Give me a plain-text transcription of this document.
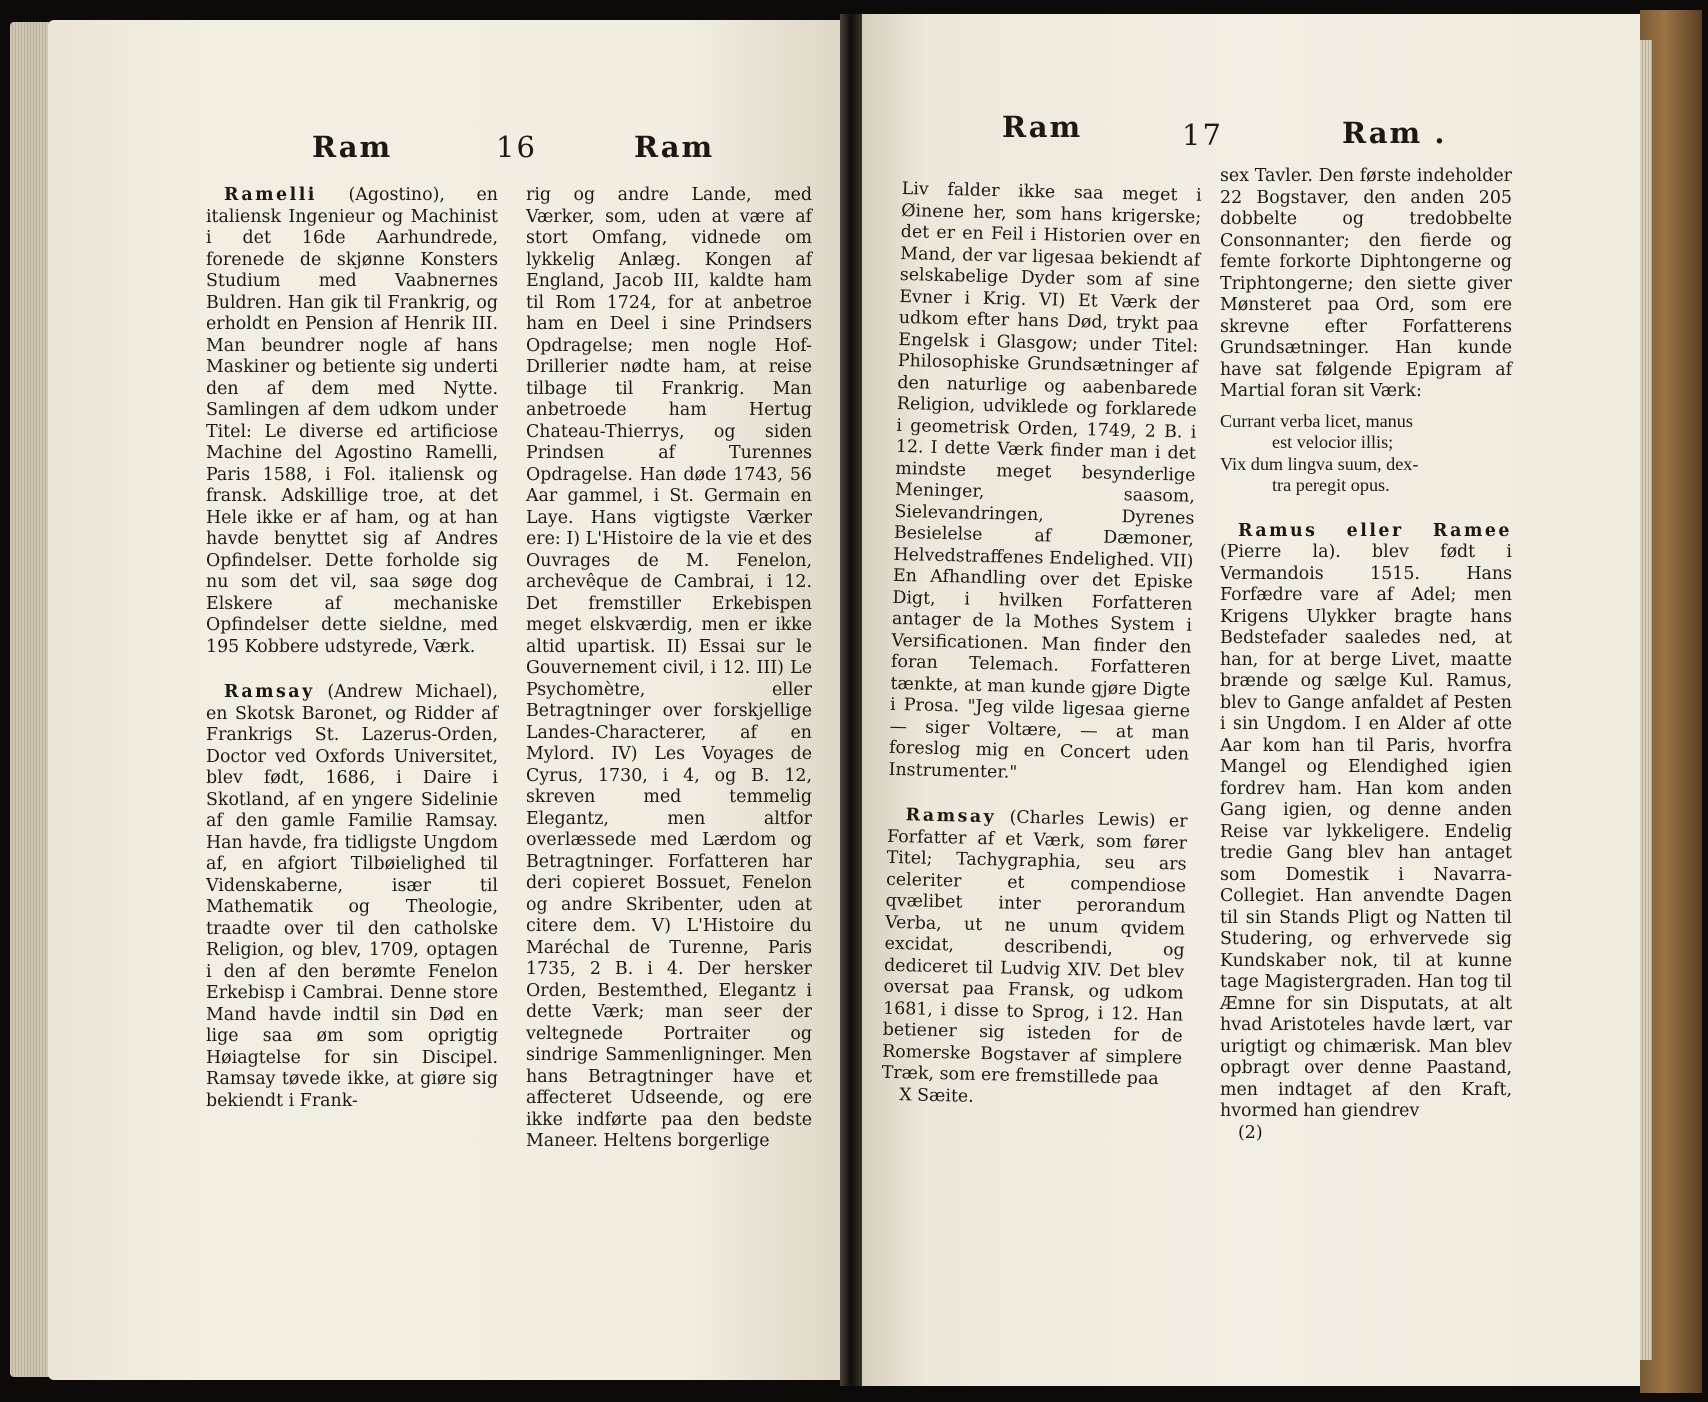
Ram	16	Ram

Ramelli (Agostino), en italiensk Ingenieur og Machinist i det 16de Aarhundrede, forenede de skjønne Konsters Studium med Vaabnernes Buldren. Han gik til Frankrig, og erholdt en Pension af Henrik III. Man beundrer nogle af hans Maskiner og betiente sig underti den af dem med Nytte. Samlingen af dem udkom under Titel: Le diverse ed artificiose Machine del Agostino Ramelli, Paris 1588, i Fol. italiensk og fransk. Adskillige troe, at det Hele ikke er af ham, og at han havde benyttet sig af Andres Opfindelser. Dette forholde sig nu som det vil, saa søge dog Elskere af mechaniske Opfindelser dette sieldne, med 195 Kobbere udstyrede, Værk.

Ramsay (Andrew Michael), en Skotsk Baronet, og Ridder af Frankrigs St. Lazerus-Orden, Doctor ved Oxfords Universitet, blev født, 1686, i Daire i Skotland, af en yngere Sidelinie af den gamle Familie Ramsay. Han havde, fra tidligste Ungdom af, en afgiort Tilbøielighed til Videnskaberne, især til Mathematik og Theologie, traadte over til den catholske Religion, og blev, 1709, optagen i den af den berømte Fenelon Erkebisp i Cambrai. Denne store Mand havde indtil sin Død en lige saa øm som oprigtig Høiagtelse for sin Discipel. Ramsay tøvede ikke, at giøre sig bekiendt i Frank-

rig og andre Lande, med Værker, som, uden at være af stort Omfang, vidnede om lykkelig Anlæg. Kongen af England, Jacob III, kaldte ham til Rom 1724, for at anbetroe ham en Deel i sine Prindsers Opdragelse; men nogle Hof-Drillerier nødte ham, at reise tilbage til Frankrig. Man anbetroede ham Hertug Chateau-Thierrys, og siden Prindsen af Turennes Opdragelse. Han døde 1743, 56 Aar gammel, i St. Germain en Laye. Hans vigtigste Værker ere: I) L'Histoire de la vie et des Ouvrages de M. Fenelon, archevêque de Cambrai, i 12. Det fremstiller Erkebispen meget elskværdig, men er ikke altid upartisk. II) Essai sur le Gouvernement civil, i 12. III) Le Psychomètre, eller Betragtninger over forskjellige Landes-Characterer, af en Mylord. IV) Les Voyages de Cyrus, 1730, i 4, og B. 12, skreven med temmelig Elegantz, men altfor overlæssede med Lærdom og Betragtninger. Forfatteren har deri copieret Bossuet, Fenelon og andre Skribenter, uden at citere dem. V) L'Histoire du Maréchal de Turenne, Paris 1735, 2 B. i 4. Der hersker Orden, Bestemthed, Elegantz i dette Værk; man seer der veltegnede Portraiter og sindrige Sammenligninger. Men hans Betragtninger have et affecteret Udseende, og ere ikke indførte paa den bedste Maneer. Heltens borgerlige

Ram	17	Ram .

Liv falder ikke saa meget i Øinene her, som hans krigerske; det er en Feil i Historien over en Mand, der var ligesaa bekiendt af selskabelige Dyder som af sine Evner i Krig. VI) Et Værk der udkom efter hans Død, trykt paa Engelsk i Glasgow; under Titel: Philosophiske Grundsætninger af den naturlige og aabenbarede Religion, udviklede og forklarede i geometrisk Orden, 1749, 2 B. i 12. I dette Værk finder man i det mindste meget besynderlige Meninger, saasom, Sielevandringen, Dyrenes Besielelse af Dæmoner, Helvedstraffenes Endelighed. VII) En Afhandling over det Episke Digt, i hvilken Forfatteren antager de la Mothes System i Versificationen. Man finder den foran Telemach. Forfatteren tænkte, at man kunde gjøre Digte i Prosa. "Jeg vilde ligesaa gierne — siger Voltære, — at man foreslog mig en Concert uden Instrumenter."

Ramsay (Charles Lewis) er Forfatter af et Værk, som fører Titel; Tachygraphia, seu ars celeriter et compendiose qvælibet inter perorandum Verba, ut ne unum qvidem excidat, describendi, og dediceret til Ludvig XIV. Det blev oversat paa Fransk, og udkom 1681, i disse to Sprog, i 12. Han betiener sig isteden for de Romerske Bogstaver af simplere Træk, som ere fremstillede paa

X Sæite.

sex Tavler. Den første indeholder 22 Bogstaver, den anden 205 dobbelte og tredobbelte Consonnanter; den fierde og femte forkorte Diphtongerne og Triphtongerne; den siette giver Mønsteret paa Ord, som ere skrevne efter Forfatterens Grundsætninger. Han kunde have sat følgende Epigram af Martial foran sit Værk:

Currant verba licet, manus
est velocior illis;
Vix dum lingva suum, dex-
tra peregit opus.

Ramus eller Ramee (Pierre la). blev født i Vermandois 1515. Hans Forfædre vare af Adel; men Krigens Ulykker bragte hans Bedstefader saaledes ned, at han, for at berge Livet, maatte brænde og sælge Kul. Ramus, blev to Gange anfaldet af Pesten i sin Ungdom. I en Alder af otte Aar kom han til Paris, hvorfra Mangel og Elendighed igien fordrev ham. Han kom anden Gang igien, og denne anden Reise var lykkeligere. Endelig tredie Gang blev han antaget som Domestik i Navarra-Collegiet. Han anvendte Dagen til sin Stands Pligt og Natten til Studering, og erhvervede sig Kundskaber nok, til at kunne tage Magistergraden. Han tog til Æmne for sin Disputats, at alt hvad Aristoteles havde lært, var urigtigt og chimærisk. Man blev opbragt over denne Paastand, men indtaget af den Kraft, hvormed han giendrev

(2)
